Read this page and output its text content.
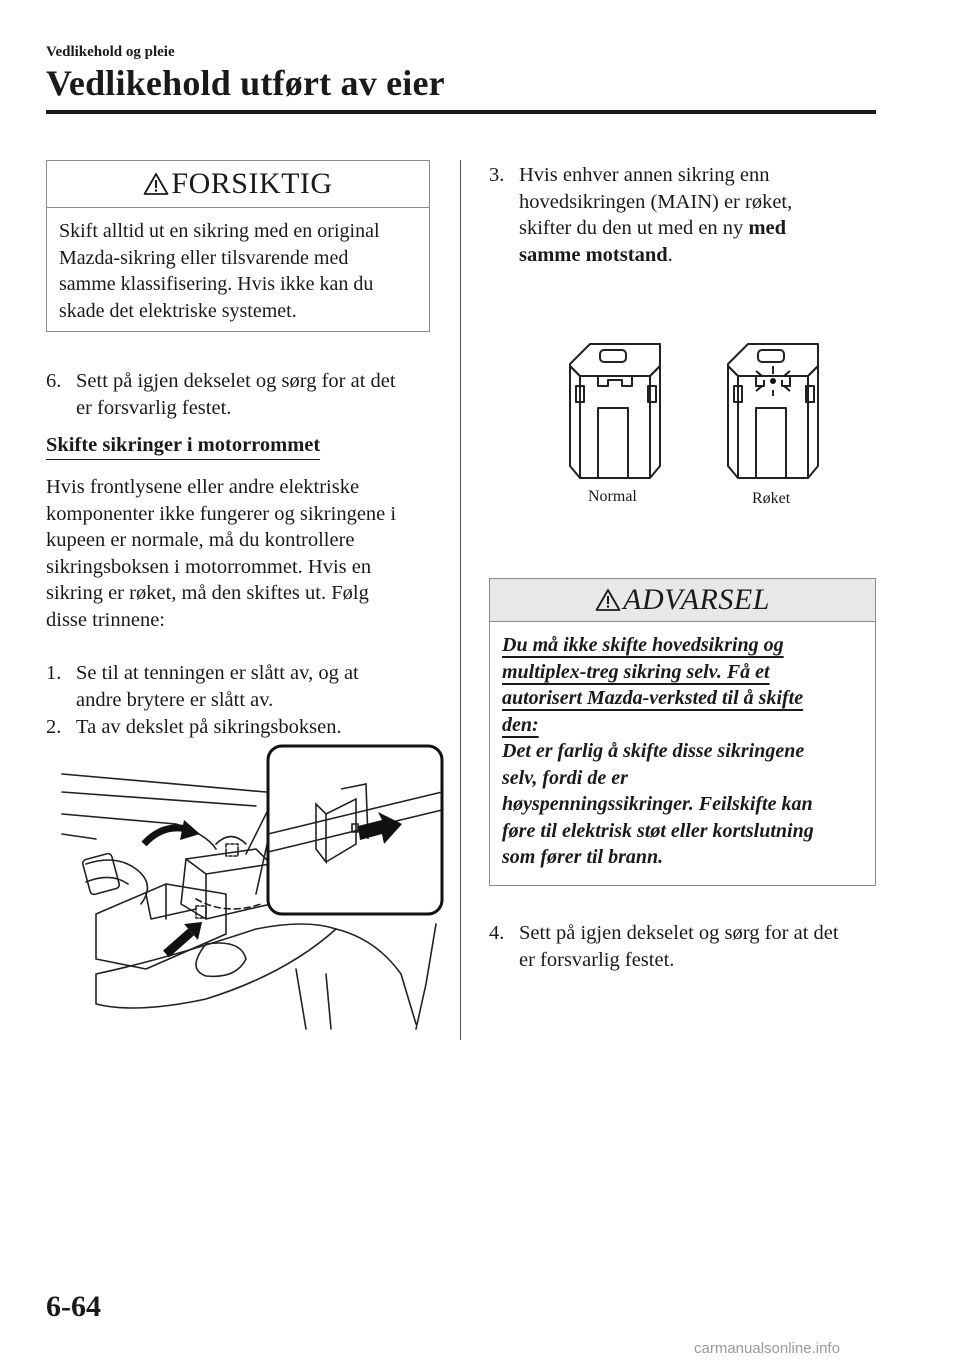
Vedlikehold og pleie
Vedlikehold utført av eier
FORSIKTIG
Skift alltid ut en sikring med en original
Mazda-sikring eller tilsvarende med
samme klassifisering. Hvis ikke kan du
skade det elektriske systemet.
6. Sett på igjen dekselet og sørg for at det
er forsvarlig festet.
Skifte sikringer i motorrommet
Hvis frontlysene eller andre elektriske
komponenter ikke fungerer og sikringene i
kupeen er normale, må du kontrollere
sikringsboksen i motorrommet. Hvis en
sikring er røket, må den skiftes ut. Følg
disse trinnene:
1. Se til at tenningen er slått av, og at
andre brytere er slått av.
2. Ta av dekslet på sikringsboksen.
3. Hvis enhver annen sikring enn
hovedsikringen (MAIN) er røket,
skifter du den ut med en ny med
samme motstand.
Normal	Røket
ADVARSEL
Du må ikke skifte hovedsikring og
multiplex-treg sikring selv. Få et
autorisert Mazda-verksted til å skifte
den:
Det er farlig å skifte disse sikringene
selv, fordi de er
høyspenningssikringer. Feilskifte kan
føre til elektrisk støt eller kortslutning
som fører til brann.
4. Sett på igjen dekselet og sørg for at det
er forsvarlig festet.
6-64
carmanualsonline.info
